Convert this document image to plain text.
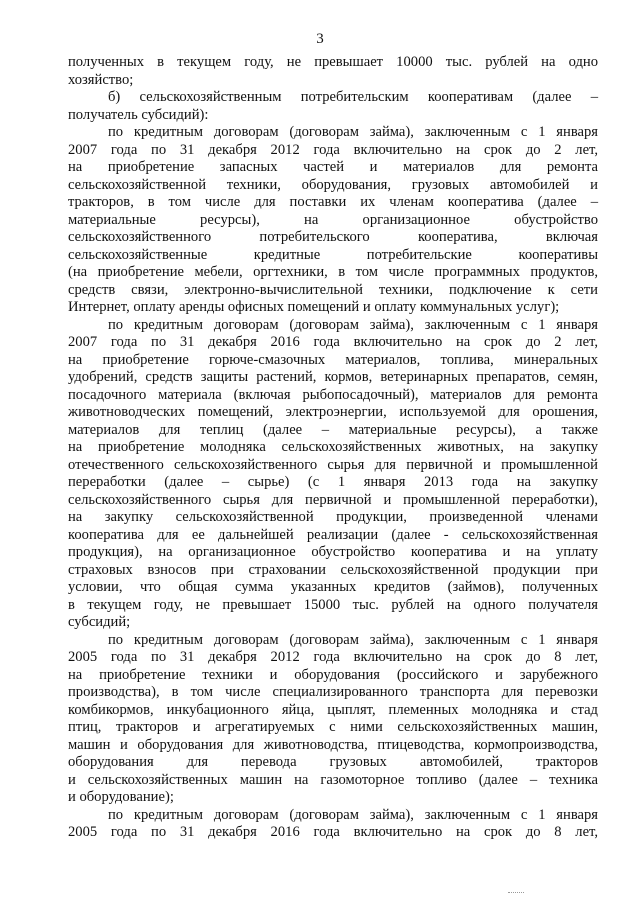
3
полученных в текущем году, не превышает 10000 тыс. рублей на одно
хозяйство;
б) сельскохозяйственным потребительским кооперативам (далее –
получатель субсидий):
по кредитным договорам (договорам займа), заключенным с 1 января
2007 года по 31 декабря 2012 года включительно на срок до 2 лет,
на приобретение запасных частей и материалов для ремонта
сельскохозяйственной техники, оборудования, грузовых автомобилей и
тракторов, в том числе для поставки их членам кооператива (далее –
материальные ресурсы), на организационное обустройство
сельскохозяйственного потребительского кооператива, включая
сельскохозяйственные кредитные потребительские кооперативы
(на приобретение мебели, оргтехники, в том числе программных продуктов,
средств связи, электронно-вычислительной техники, подключение к сети
Интернет, оплату аренды офисных помещений и оплату коммунальных услуг);
по кредитным договорам (договорам займа), заключенным с 1 января
2007 года по 31 декабря 2016 года включительно на срок до 2 лет,
на приобретение горюче-смазочных материалов, топлива, минеральных
удобрений, средств защиты растений, кормов, ветеринарных препаратов, семян,
посадочного материала (включая рыбопосадочный), материалов для ремонта
животноводческих помещений, электроэнергии, используемой для орошения,
материалов для теплиц (далее – материальные ресурсы), а также
на приобретение молодняка сельскохозяйственных животных, на закупку
отечественного сельскохозяйственного сырья для первичной и промышленной
переработки (далее – сырье) (с 1 января 2013 года на закупку
сельскохозяйственного сырья для первичной и промышленной переработки),
на закупку сельскохозяйственной продукции, произведенной членами
кооператива для ее дальнейшей реализации (далее - сельскохозяйственная
продукция), на организационное обустройство кооператива и на уплату
страховых взносов при страховании сельскохозяйственной продукции при
условии, что общая сумма указанных кредитов (займов), полученных
в текущем году, не превышает 15000 тыс. рублей на одного получателя
субсидий;
по кредитным договорам (договорам займа), заключенным с 1 января
2005 года по 31 декабря 2012 года включительно на срок до 8 лет,
на приобретение техники и оборудования (российского и зарубежного
производства), в том числе специализированного транспорта для перевозки
комбикормов, инкубационного яйца, цыплят, племенных молодняка и стад
птиц, тракторов и агрегатируемых с ними сельскохозяйственных машин,
машин и оборудования для животноводства, птицеводства, кормопроизводства,
оборудования для перевода грузовых автомобилей, тракторов
и сельскохозяйственных машин на газомоторное топливо (далее – техника
и оборудование);
по кредитным договорам (договорам займа), заключенным с 1 января
2005 года по 31 декабря 2016 года включительно на срок до 8 лет,
